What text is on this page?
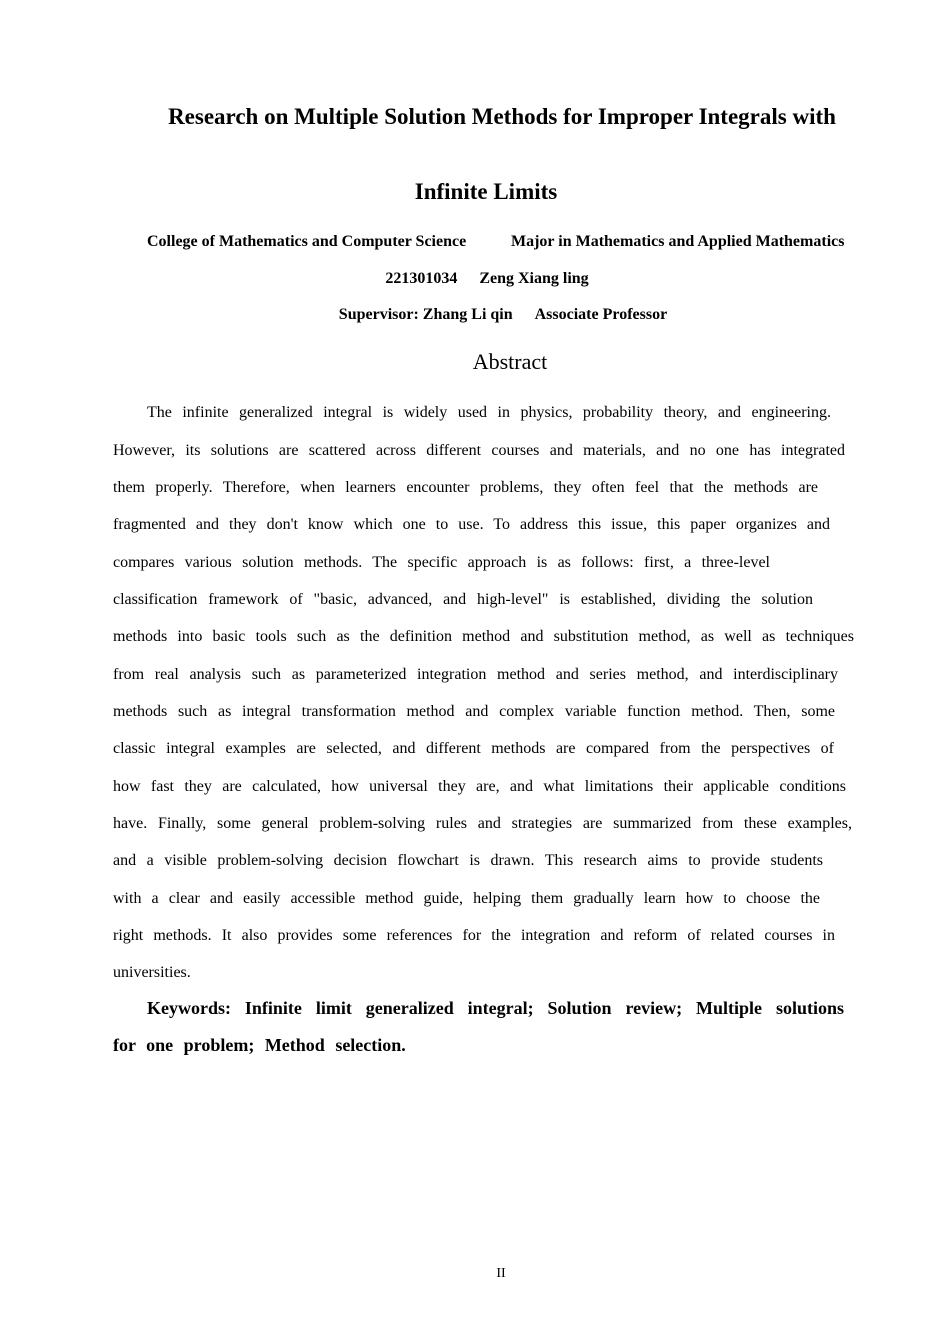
Research on Multiple Solution Methods for Improper Integrals with
Infinite Limits
College of Mathematics and Computer Science	Major in Mathematics and Applied Mathematics
221301034 Zeng Xiang ling
Supervisor: Zhang Li qin Associate Professor
Abstract
The infinite generalized integral is widely used in physics, probability theory, and engineering.
However, its solutions are scattered across different courses and materials, and no one has integrated
them properly. Therefore, when learners encounter problems, they often feel that the methods are
fragmented and they don't know which one to use. To address this issue, this paper organizes and
compares various solution methods. The specific approach is as follows: first, a three-level
classification framework of "basic, advanced, and high-level" is established, dividing the solution
methods into basic tools such as the definition method and substitution method, as well as techniques
from real analysis such as parameterized integration method and series method, and interdisciplinary
methods such as integral transformation method and complex variable function method. Then, some
classic integral examples are selected, and different methods are compared from the perspectives of
how fast they are calculated, how universal they are, and what limitations their applicable conditions
have. Finally, some general problem-solving rules and strategies are summarized from these examples,
and a visible problem-solving decision flowchart is drawn. This research aims to provide students
with a clear and easily accessible method guide, helping them gradually learn how to choose the
right methods. It also provides some references for the integration and reform of related courses in
universities.
Keywords: Infinite limit generalized integral; Solution review; Multiple solutions
for one problem; Method selection.
II
